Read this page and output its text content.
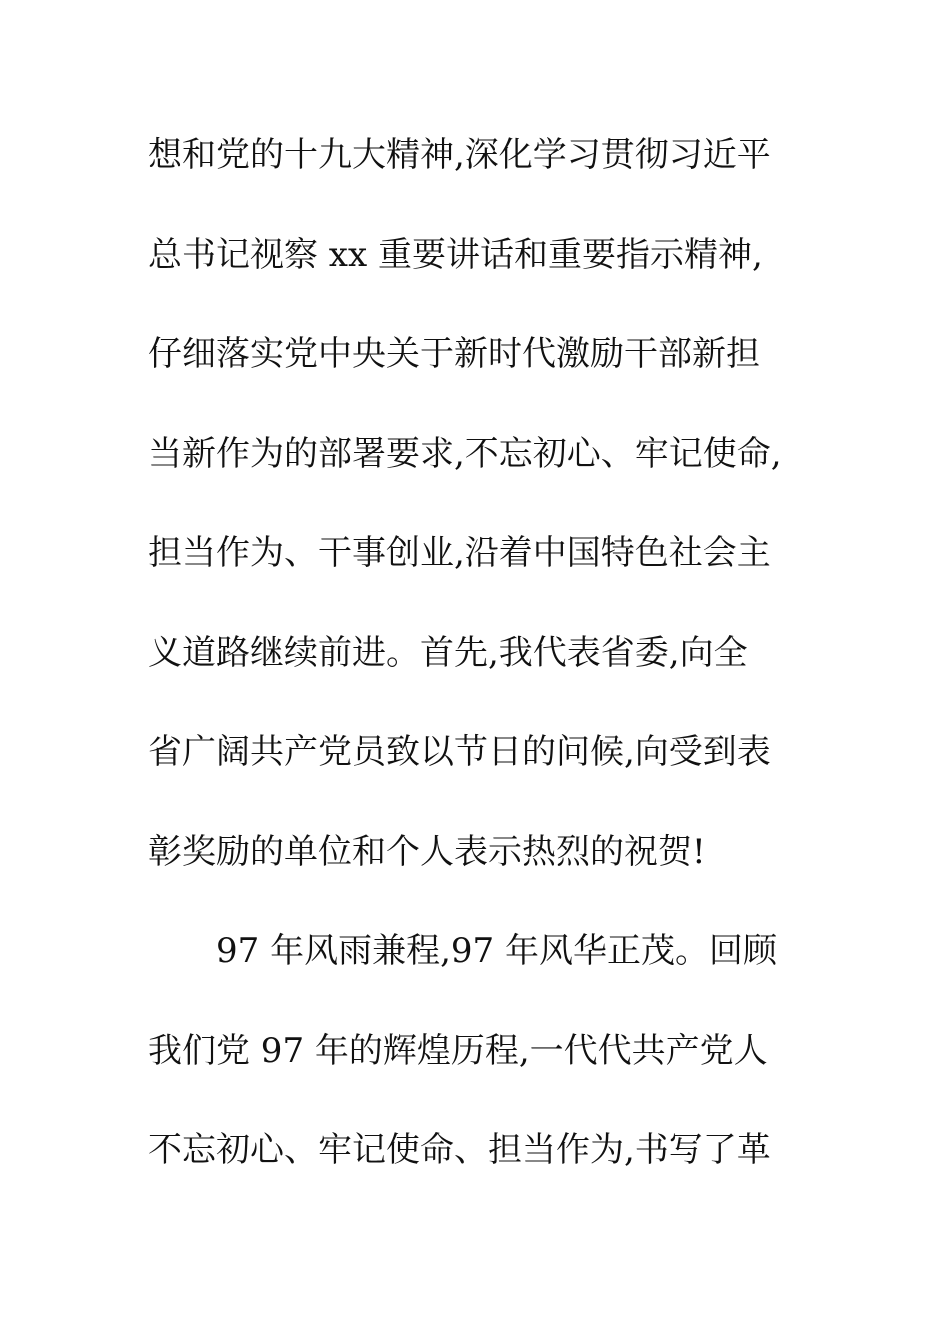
想和党的十九大精神,深化学习贯彻习近平
总书记视察 xx 重要讲话和重要指示精神,
仔细落实党中央关于新时代激励干部新担
当新作为的部署要求,不忘初心、牢记使命,
担当作为、干事创业,沿着中国特色社会主
义道路继续前进。首先,我代表省委,向全
省广阔共产党员致以节日的问候,向受到表
彰奖励的单位和个人表示热烈的祝贺!
97 年风雨兼程,97 年风华正茂。回顾
我们党 97 年的辉煌历程,一代代共产党人
不忘初心、牢记使命、担当作为,书写了革
